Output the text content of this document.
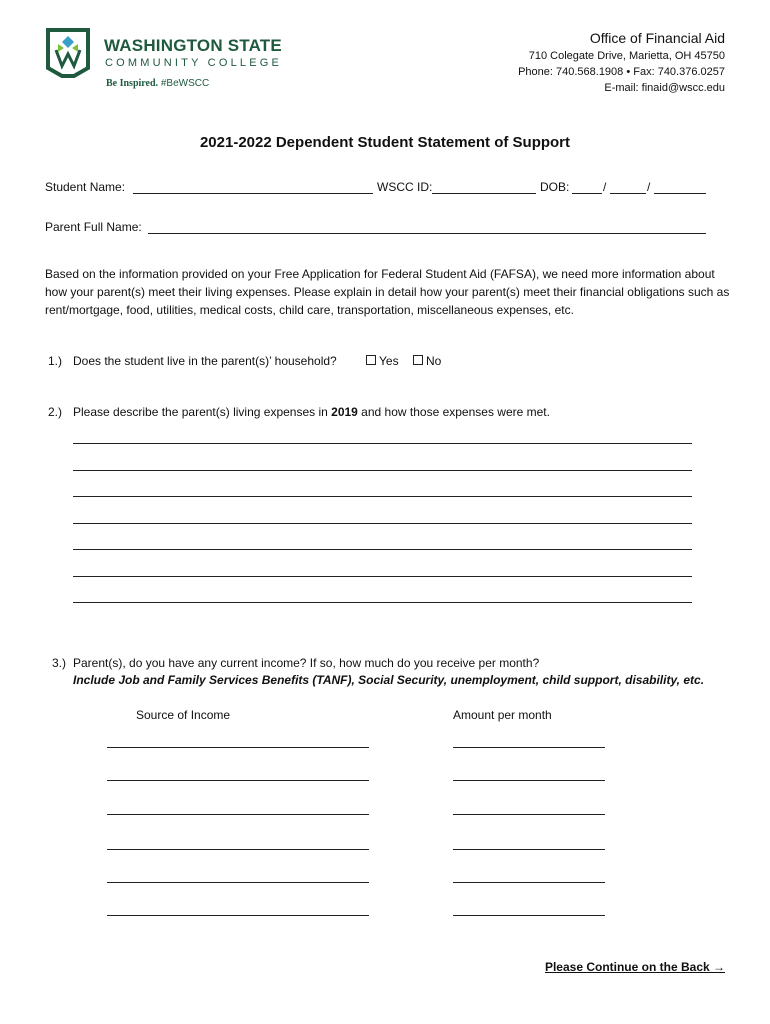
WASHINGTON STATE
COMMUNITY COLLEGE
Be Inspired. #BeWSCC
Office of Financial Aid
710 Colegate Drive, Marietta, OH 45750
Phone: 740.568.1908 • Fax: 740.376.0257
E-mail: finaid@wscc.edu
2021-2022 Dependent Student Statement of Support
Student Name:	WSCC ID:	DOB:	/	/
Parent Full Name:
Based on the information provided on your Free Application for Federal Student Aid (FAFSA), we need more information about how your parent(s) meet their living expenses. Please explain in detail how your parent(s) meet their financial obligations such as rent/mortgage, food, utilities, medical costs, child care, transportation, miscellaneous expenses, etc.
1.) Does the student live in the parent(s)’ household?	Yes	No
2.) Please describe the parent(s) living expenses in 2019 and how those expenses were met.
3.) Parent(s), do you have any current income? If so, how much do you receive per month?
Include Job and Family Services Benefits (TANF), Social Security, unemployment, child support, disability, etc.
Source of Income	Amount per month
Please Continue on the Back →
